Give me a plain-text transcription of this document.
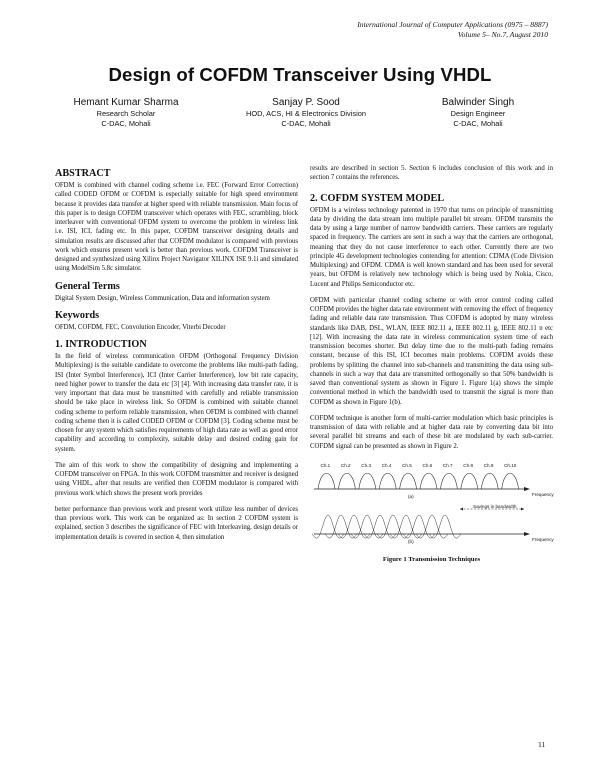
International Journal of Computer Applications (0975 – 8887)
Volume 5– No.7, August 2010
Design of COFDM Transceiver Using VHDL
Hemant Kumar Sharma
Research Scholar
C-DAC, Mohali
Sanjay P. Sood
HOD, ACS, HI & Electronics Division
C-DAC, Mohali
Balwinder Singh
Design Engineer
C-DAC, Mohali
ABSTRACT

OFDM is combined with channel coding scheme i.e. FEC (Forward Error Correction) called CODED OFDM or COFDM is especially suitable for high speed environment because it provides data transfer at higher speed with reliable transmission. Main focus of this paper is to design COFDM transceiver which operates with FEC, scrambling, block interleaver with conventional OFDM system to overcome the problem in wireless link i.e. ISI, ICI, fading etc. In this paper, COFDM transceiver designing details and simulation results are discussed after that COFDM modulator is compared with previous work which ensures present work is better than previous work. COFDM Transceiver is designed and synthesized using Xilinx Project Navigator XILINX ISE 9.1i and simulated using ModelSim 5.8c simulator.

General Terms

Digital System Design, Wireless Communication, Data and information system

Keywords

OFDM, COFDM, FEC, Convolution Encoder, Viterbi Decoder

1. INTRODUCTION

In the field of wireless communication OFDM (Orthogonal Frequency Division Multiplexing) is the suitable candidate to overcome the problems like multi-path fading, ISI (Inter Symbol Interference), ICI (Inter Carrier Interference), low bit rate capacity, need higher power to transfer the data etc [3] [4]. With increasing data transfer rate, it is very important that data must be transmitted with carefully and reliable transmission should be take place in wireless link. So OFDM is combined with suitable channel coding scheme to perform reliable transmission, when OFDM is combined with channel coding scheme then it is called CODED OFDM or COFDM [3]. Coding scheme must be chosen for any system which satisfies requirements of high data rate as well as good error capability and according to complexity, suitable delay and desired coding gain for system.

The aim of this work to show the compatibility of designing and implementing a COFDM transceiver on FPGA. In this work COFDM transmitter and receiver is designed using VHDL, after that results are verified then COFDM modulator is compared with previous work which shows the present work provides

better performance than previous work and present work utilize less number of devices than previous work. This work can be organized as: In section 2 COFDM system is explained, section 3 describes the significance of FEC with Interleaving, design details or implementation details is covered in section 4, then simulation

results are described in section 5. Section 6 includes conclusion of this work and in section 7 contains the references.

2. COFDM SYSTEM MODEL

OFDM is a wireless technology patented in 1970 that turns on principle of transmitting data by dividing the data stream into multiple parallel bit stream. OFDM transmits the data by using a large number of narrow bandwidth carriers. These carriers are regularly spaced in frequency. The carriers are sent in such a way that the carriers are orthogonal, meaning that they do not cause interference to each other. Currently there are two principle 4G development technologies contending for attention: CDMA (Code Division Multiplexing) and OFDM. CDMA is well known standard and has been used for several years, but OFDM is relatively new technology which is being used by Nokia, Cisco, Lucent and Philips Semiconductor etc.

OFDM with particular channel coding scheme or with error control coding called COFDM provides the higher data rate environment with removing the effect of frequency fading and reliable data rate transmission. Thus COFDM is adopted by many wireless standards like DAB, DSL, WLAN, IEEE 802.11 a, IEEE 802.11 g, IEEE 802.11 n etc [12]. With increasing the data rate in wireless communication system time of each transmission becomes shorter. But delay time due to the multi-path fading remains constant, because of this ISI, ICI becomes main problems. COFDM avoids these problems by splitting the channel into sub-channels and transmitting the data using sub-channels in such a way that data are transmitted orthogonally so that 50% bandwidth is saved than conventional system as shown in Figure 1. Figure 1(a) shows the simple conventional method in which the bandwidth used to transmit the signal is more than COFDM as shown in Figure 1(b).

COFDM technique is another form of multi-carrier modulation which basic principles is transmission of data with reliable and at higher data rate by converting data bit into several parallel bit streams and each of these bit are modulated by each sub-carrier. COFDM signal can be presented as shown in Figure 2.

Ch.1 Ch.2 Ch.3 Ch.4 Ch.5 Ch.6 Ch.7 Ch.8 Ch.9 Ch.10
(a)	Frequency
Savings in bandwidth
(b)	Frequency
Figure 1 Transmission Techniques
11
